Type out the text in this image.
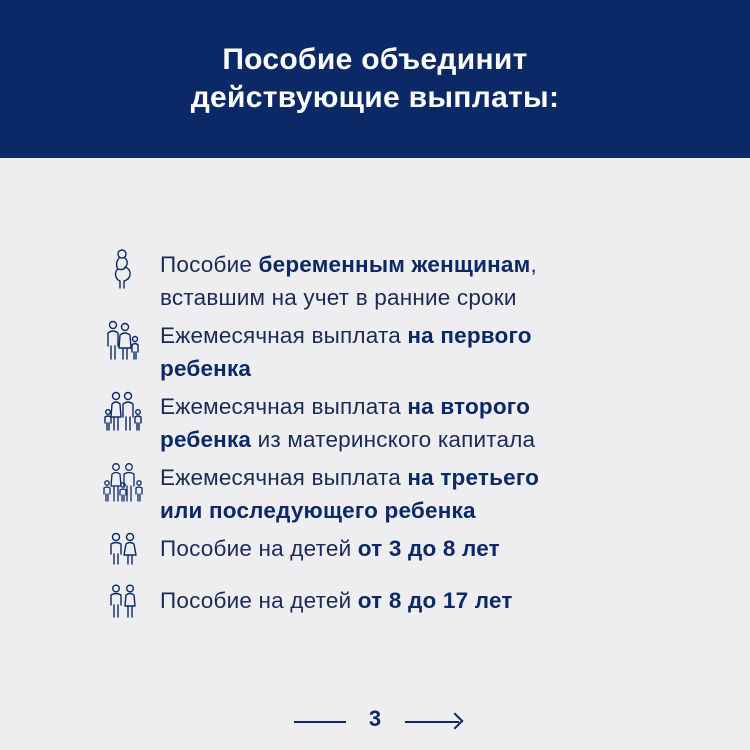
Пособие объединит
действующие выплаты:
Пособие беременным женщинам,
вставшим на учет в ранние сроки
Ежемесячная выплата на первого
ребенка
Ежемесячная выплата на второго
ребенка из материнского капитала
Ежемесячная выплата на третьего
или последующего ребенка
Пособие на детей от 3 до 8 лет
Пособие на детей от 8 до 17 лет
3
